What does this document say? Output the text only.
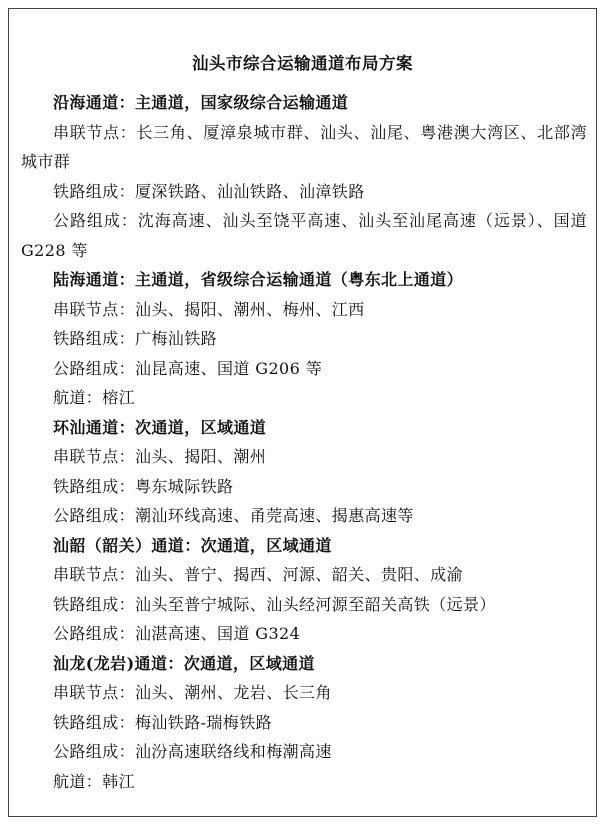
汕头市综合运输通道布局方案

沿海通道：主通道，国家级综合运输通道

串联节点：长三角、厦漳泉城市群、汕头、汕尾、粤港澳大湾区、北部湾城市群

铁路组成：厦深铁路、汕汕铁路、汕漳铁路

公路组成：沈海高速、汕头至饶平高速、汕头至汕尾高速（远景）、国道 G228 等

陆海通道：主通道，省级综合运输通道（粤东北上通道）

串联节点：汕头、揭阳、潮州、梅州、江西

铁路组成：广梅汕铁路

公路组成：汕昆高速、国道 G206 等

航道：榕江

环汕通道：次通道，区域通道

串联节点：汕头、揭阳、潮州

铁路组成：粤东城际铁路

公路组成：潮汕环线高速、甬莞高速、揭惠高速等

汕韶（韶关）通道：次通道，区域通道

串联节点：汕头、普宁、揭西、河源、韶关、贵阳、成渝

铁路组成：汕头至普宁城际、汕头经河源至韶关高铁（远景）

公路组成：汕湛高速、国道 G324

汕龙(龙岩)通道：次通道，区域通道

串联节点：汕头、潮州、龙岩、长三角

铁路组成：梅汕铁路-瑞梅铁路

公路组成：汕汾高速联络线和梅潮高速

航道：韩江
